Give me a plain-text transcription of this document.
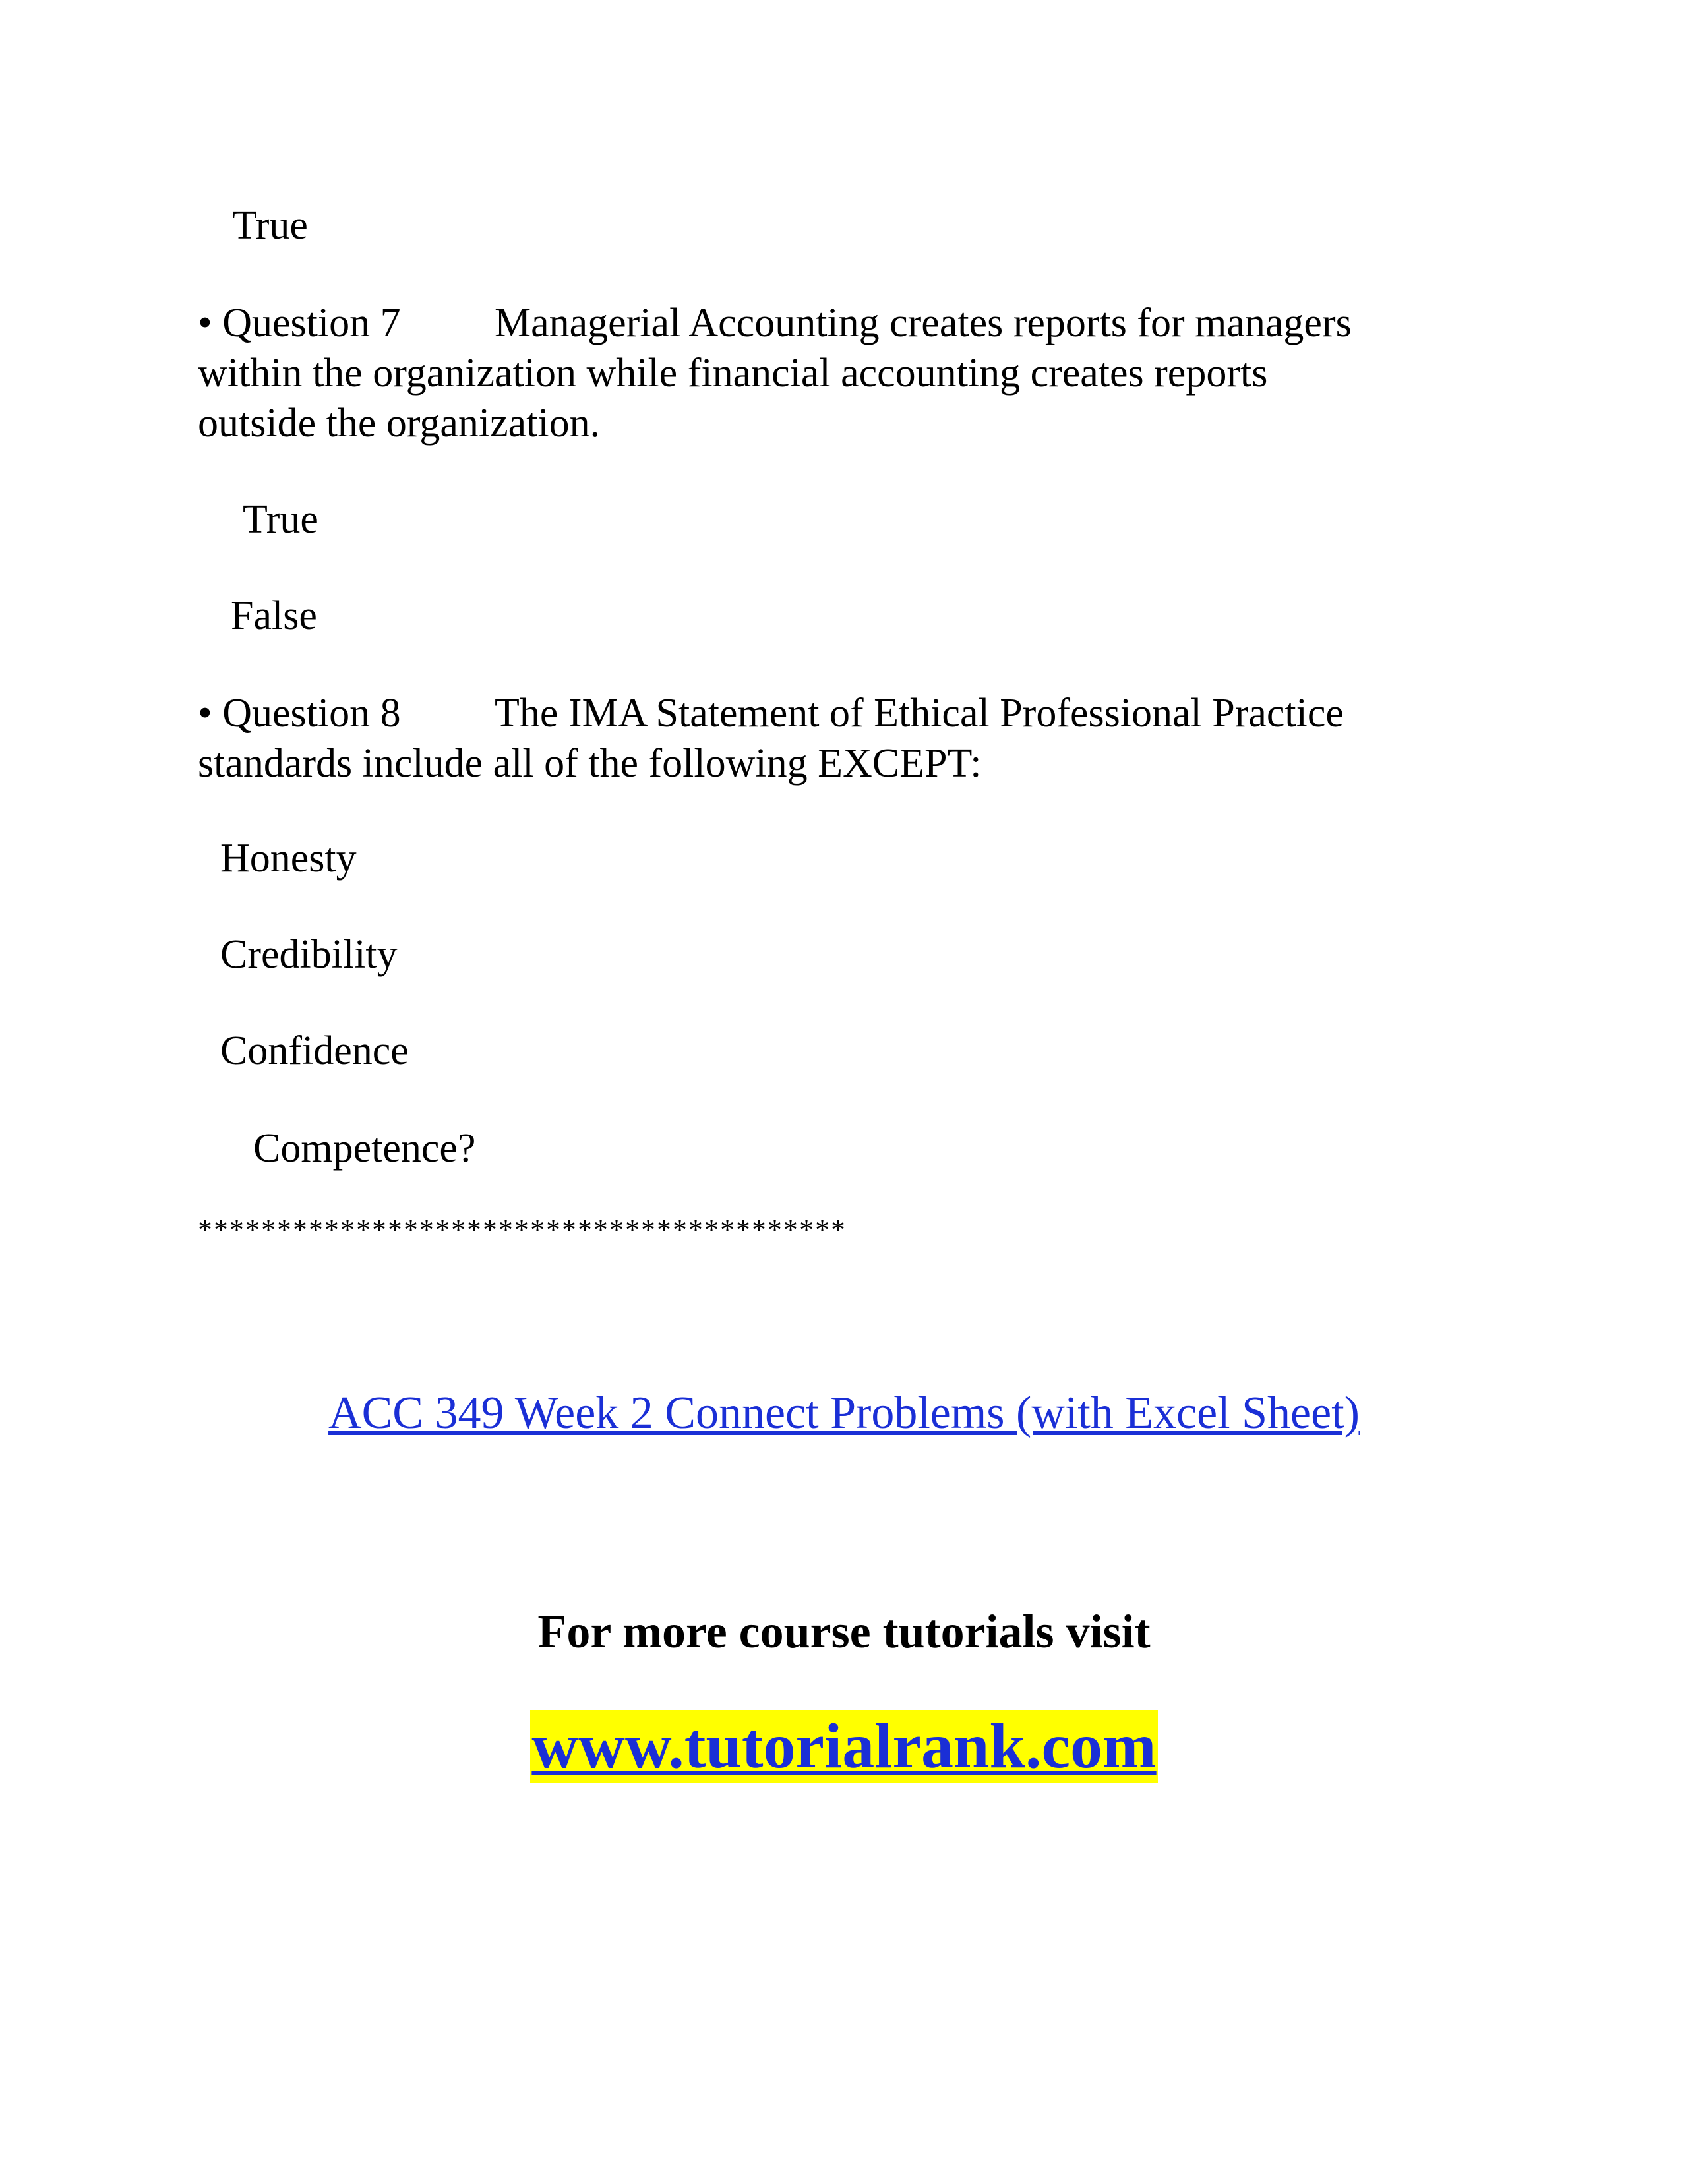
True
• Question 7 Managerial Accounting creates reports for managers
within the organization while financial accounting creates reports
outside the organization.
True
False
• Question 8 The IMA Statement of Ethical Professional Practice
standards include all of the following EXCEPT:
Honesty
Credibility
Confidence
Competence?
*****************************************
ACC 349 Week 2 Connect Problems (with Excel Sheet)
For more course tutorials visit
www.tutorialrank.com
